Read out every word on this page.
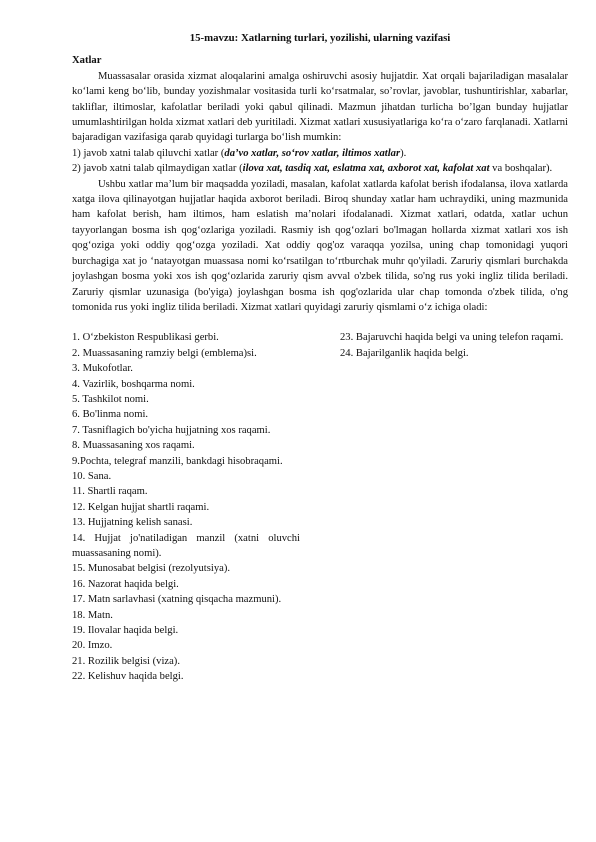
15-mavzu: Xatlarning turlari, yozilishi, ularning vazifasi

Xatlar

Muassasalar orasida xizmat aloqalarini amalga oshiruvchi asosiy hujjatdir. Xat orqali bajariladigan masalalar ko‘lami keng bo‘lib, bunday yozishmalar vositasida turli ko‘rsatmalar, so’rovlar, javoblar, tushuntirishlar, xabarlar, takliflar, iltimoslar, kafolatlar beriladi yoki qabul qilinadi. Mazmun jihatdan turlicha bo’lgan bunday hujjatlar umumlashtirilgan holda xizmat xatlari deb yuritiladi. Xizmat xatlari xususiyatlariga ko‘ra o‘zaro farqlanadi. Xatlarni bajaradigan vazifasiga qarab quyidagi turlarga bo‘lish mumkin:

1) javob xatni talab qiluvchi xatlar (da’vo xatlar, so‘rov xatlar, iltimos xatlar).

2) javob xatni talab qilmaydigan xatlar (ilova xat, tasdiq xat, eslatma xat, axborot xat, kafolat xat va boshqalar).

Ushbu xatlar ma’lum bir maqsadda yoziladi, masalan, kafolat xatlarda kafolat berish ifodalansa, ilova xatlarda xatga ilova qilinayotgan hujjatlar haqida axborot beriladi. Biroq shunday xatlar ham uchraydiki, uning mazmunida ham kafolat berish, ham iltimos, ham eslatish ma’nolari ifodalanadi. Xizmat xatlari, odatda, xatlar uchun tayyorlangan bosma ish qog‘ozlariga yoziladi. Rasmiy ish qog‘ozlari bo'lmagan hollarda xizmat xatlari xos ish qog‘oziga yoki oddiy qog‘ozga yoziladi. Xat oddiy qog'oz varaqqa yozilsa, uning chap tomonidagi yuqori burchagiga xat jo ‘natayotgan muassasa nomi ko‘rsatilgan to‘rtburchak muhr qo'yiladi. Zaruriy qismlari burchakda joylashgan bosma yoki xos ish qog‘ozlarida zaruriy qism avval o'zbek tilida, so'ng rus yoki ingliz tilida beriladi. Zaruriy qismlar uzunasiga (bo'yiga) joylashgan bosma ish qog'ozlarida ular chap tomonda o'zbek tilida, o'ng tomonida rus yoki ingliz tilida beriladi. Xizmat xatlari quyidagi zaruriy qismlami o‘z ichiga oladi:

1. O‘zbekiston Respublikasi gerbi.

2. Muassasaning ramziy belgi (emblema)si.

3. Mukofotlar.

4. Vazirlik, boshqarma nomi.

5. Tashkilot nomi.

6. Bo'linma nomi.

7. Tasniflagich bo'yicha hujjatning xos raqami.

8. Muassasaning xos raqami.

9.Pochta, telegraf manzili, bankdagi hisobraqami.

10. Sana.

11. Shartli raqam.

12. Kelgan hujjat shartli raqami.

13. Hujjatning kelish sanasi.

14. Hujjat jo'natiladigan manzil (xatni oluvchi muassasaning nomi).

15. Munosabat belgisi (rezolyutsiya).

16. Nazorat haqida belgi.

17. Matn sarlavhasi (xatning qisqacha mazmuni).

18. Matn.

19. Ilovalar haqida belgi.

20. Imzo.

21. Rozilik belgisi (viza).

22. Kelishuv haqida belgi.

23. Bajaruvchi haqida belgi va uning telefon raqami.

24. Bajarilganlik haqida belgi.
